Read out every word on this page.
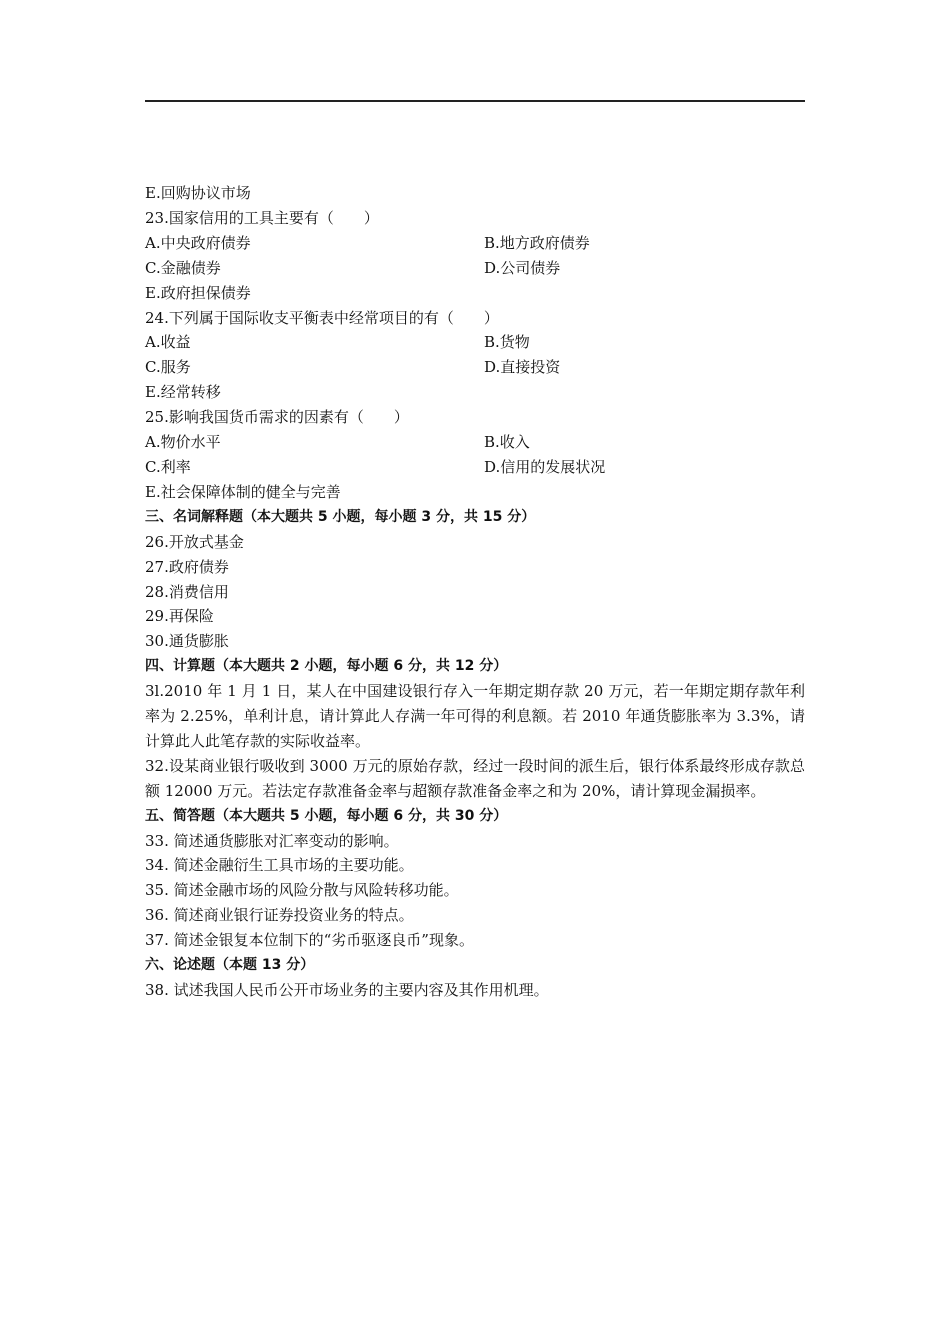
E.回购协议市场
23.国家信用的工具主要有（　　）
A.中央政府债券	B.地方政府债券
C.金融债券	D.公司债券
E.政府担保债券
24.下列属于国际收支平衡表中经常项目的有（　　）
A.收益	B.货物
C.服务	D.直接投资
E.经常转移
25.影响我国货币需求的因素有（　　）
A.物价水平	B.收入
C.利率	D.信用的发展状况
E.社会保障体制的健全与完善
三、名词解释题（本大题共 5 小题，每小题 3 分，共 15 分）
26.开放式基金
27.政府债券
28.消费信用
29.再保险
30.通货膨胀
四、计算题（本大题共 2 小题，每小题 6 分，共 12 分）
3l.2010 年 1 月 1 日，某人在中国建设银行存入一年期定期存款 20 万元，若一年期定期存款年利率为 2.25%，单利计息，请计算此人存满一年可得的利息额。若 2010 年通货膨胀率为 3.3%，请计算此人此笔存款的实际收益率。
32.设某商业银行吸收到 3000 万元的原始存款，经过一段时间的派生后，银行体系最终形成存款总额 12000 万元。若法定存款准备金率与超额存款准备金率之和为 20%，请计算现金漏损率。
五、简答题（本大题共 5 小题，每小题 6 分，共 30 分）
33. 简述通货膨胀对汇率变动的影响。
34. 简述金融衍生工具市场的主要功能。
35. 简述金融市场的风险分散与风险转移功能。
36. 简述商业银行证券投资业务的特点。
37. 简述金银复本位制下的“劣币驱逐良币”现象。
六、论述题（本题 13 分）
38. 试述我国人民币公开市场业务的主要内容及其作用机理。
